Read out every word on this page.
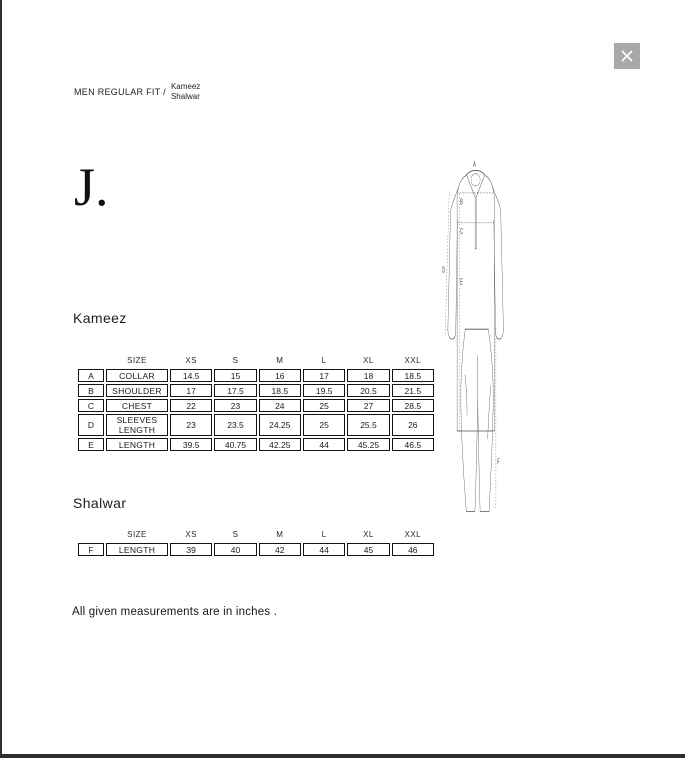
MEN REGULAR FIT /
Kameez
Shalwar
J.
Kameez
	SIZE	XS	S	M	L	XL	XXL
A	COLLAR	14.5	15	16	17	18	18.5
B	SHOULDER	17	17.5	18.5	19.5	20.5	21.5
C	CHEST	22	23	24	25	27	28.5
D	SLEEVES LENGTH	23	23.5	24.25	25	25.5	26
E	LENGTH	39.5	40.75	42.25	44	45.25	46.5
Shalwar
	SIZE	XS	S	M	L	XL	XXL
F	LENGTH	39	40	42	44	45	46
All given measurements are in inches .
A
B
C
D
E
F
